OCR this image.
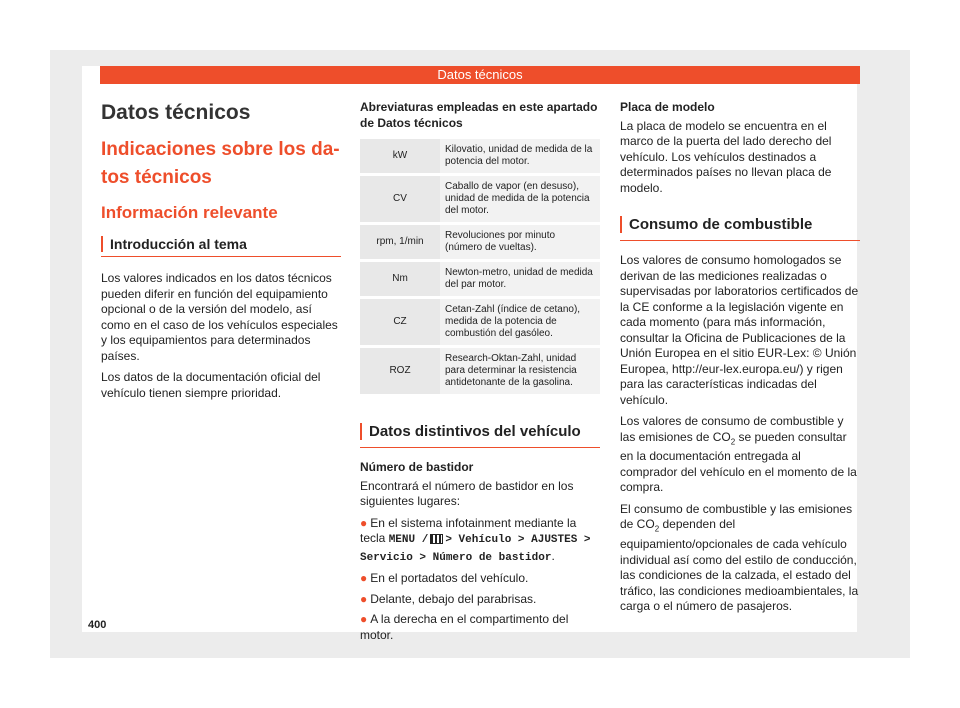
Datos técnicos
Datos técnicos
Indicaciones sobre los da-
tos técnicos
Información relevante
Introducción al tema

Los valores indicados en los datos técnicos pueden diferir en función del equipamiento opcional o de la versión del modelo, así como en el caso de los vehículos especiales y los equipamientos para determinados países.

Los datos de la documentación oficial del vehículo tienen siempre prioridad.

Abreviaturas empleadas en este apartado de Datos técnicos

kW	Kilovatio, unidad de medida de la potencia del motor.
CV	Caballo de vapor (en desuso), unidad de medida de la potencia del motor.
rpm, 1/min	Revoluciones por minuto (número de vueltas).
Nm	Newton-metro, unidad de medida del par motor.
CZ	Cetan-Zahl (índice de cetano), medida de la potencia de combustión del gasóleo.
ROZ	Research-Oktan-Zahl, unidad para determinar la resistencia antidetonante de la gasolina.
Datos distintivos del vehículo

Número de bastidor

Encontrará el número de bastidor en los siguientes lugares:

● En el sistema infotainment mediante la tecla MENU / > Vehículo > AJUSTES > Servicio > Número de bastidor.
● En el portadatos del vehículo.
● Delante, debajo del parabrisas.
● A la derecha en el compartimento del motor.

Placa de modelo

La placa de modelo se encuentra en el marco de la puerta del lado derecho del vehículo. Los vehículos destinados a determinados países no llevan placa de modelo.

Consumo de combustible

Los valores de consumo homologados se derivan de las mediciones realizadas o supervisadas por laboratorios certificados de la CE conforme a la legislación vigente en cada momento (para más información, consultar la Oficina de Publicaciones de la Unión Europea en el sitio EUR-Lex: © Unión Europea, http://eur-lex.europa.eu/) y rigen para las características indicadas del vehículo.

Los valores de consumo de combustible y las emisiones de $CO_2$ se pueden consultar en la documentación entregada al comprador del vehículo en el momento de la compra.

El consumo de combustible y las emisiones de $CO_2$ dependen del equipamiento/opcionales de cada vehículo individual así como del estilo de conducción, las condiciones de la calzada, el estado del tráfico, las condiciones medioambientales, la carga o el número de pasajeros.

400
